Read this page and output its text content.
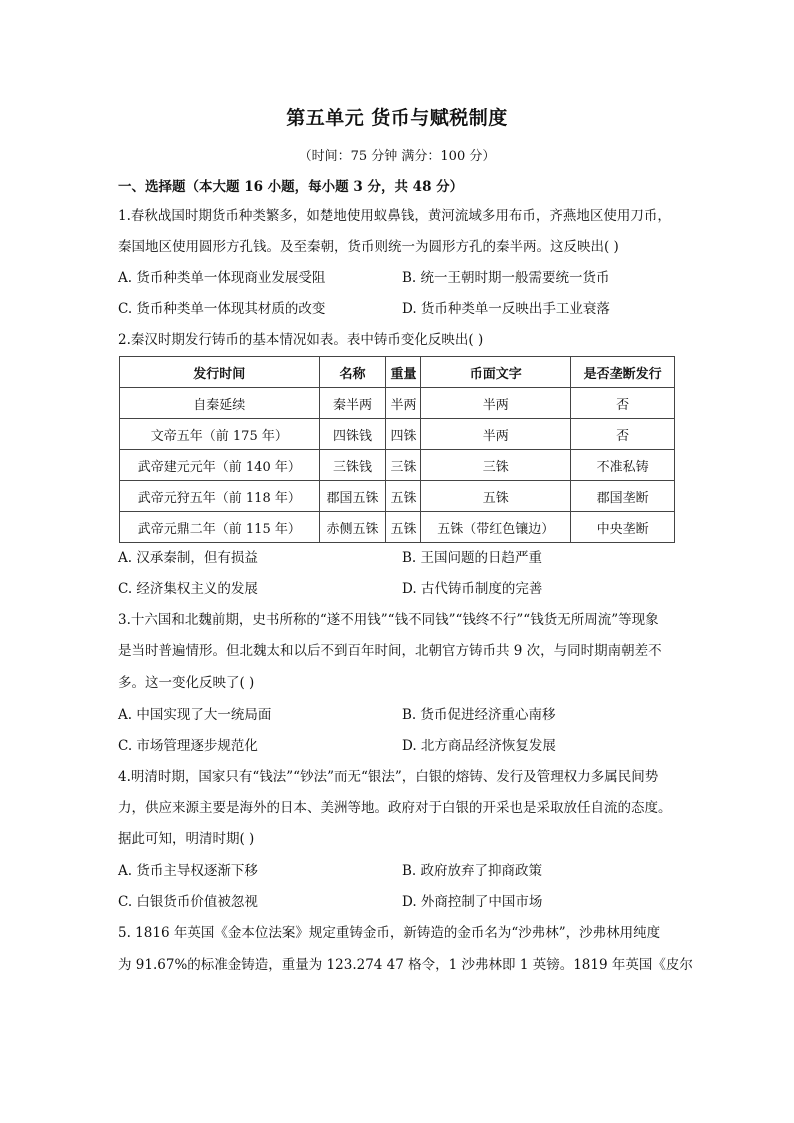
第五单元 货币与赋税制度
（时间：75 分钟 满分：100 分）
一、选择题（本大题 16 小题，每小题 3 分，共 48 分）
1.春秋战国时期货币种类繁多，如楚地使用蚁鼻钱，黄河流域多用布币，齐燕地区使用刀币，
秦国地区使用圆形方孔钱。及至秦朝，货币则统一为圆形方孔的秦半两。这反映出( )
A. 货币种类单一体现商业发展受阻	B. 统一王朝时期一般需要统一货币
C. 货币种类单一体现其材质的改变	D. 货币种类单一反映出手工业衰落
2.秦汉时期发行铸币的基本情况如表。表中铸币变化反映出( )
发行时间	名称	重量	币面文字	是否垄断发行
自秦延续	秦半两	半两	半两	否
文帝五年（前 175 年）	四铢钱	四铢	半两	否
武帝建元元年（前 140 年）	三铢钱	三铢	三铢	不准私铸
武帝元狩五年（前 118 年）	郡国五铢	五铢	五铢	郡国垄断
武帝元鼎二年（前 115 年）	赤侧五铢	五铢	五铢（带红色镶边）	中央垄断
A. 汉承秦制，但有损益	B. 王国问题的日趋严重
C. 经济集权主义的发展	D. 古代铸币制度的完善
3.十六国和北魏前期，史书所称的“遂不用钱”“钱不同钱”“钱终不行”“钱货无所周流”等现象
是当时普遍情形。但北魏太和以后不到百年时间，北朝官方铸币共 9 次，与同时期南朝差不
多。这一变化反映了( )
A. 中国实现了大一统局面	B. 货币促进经济重心南移
C. 市场管理逐步规范化	D. 北方商品经济恢复发展
4.明清时期，国家只有“钱法”“钞法”而无“银法”，白银的熔铸、发行及管理权力多属民间势
力，供应来源主要是海外的日本、美洲等地。政府对于白银的开采也是采取放任自流的态度。
据此可知，明清时期( )
A. 货币主导权逐渐下移	B. 政府放弃了抑商政策
C. 白银货币价值被忽视	D. 外商控制了中国市场
5. 1816 年英国《金本位法案》规定重铸金币，新铸造的金币名为“沙弗林”，沙弗林用纯度
为 91.67%的标准金铸造，重量为 123.274 47 格令，1 沙弗林即 1 英镑。1819 年英国《皮尔
